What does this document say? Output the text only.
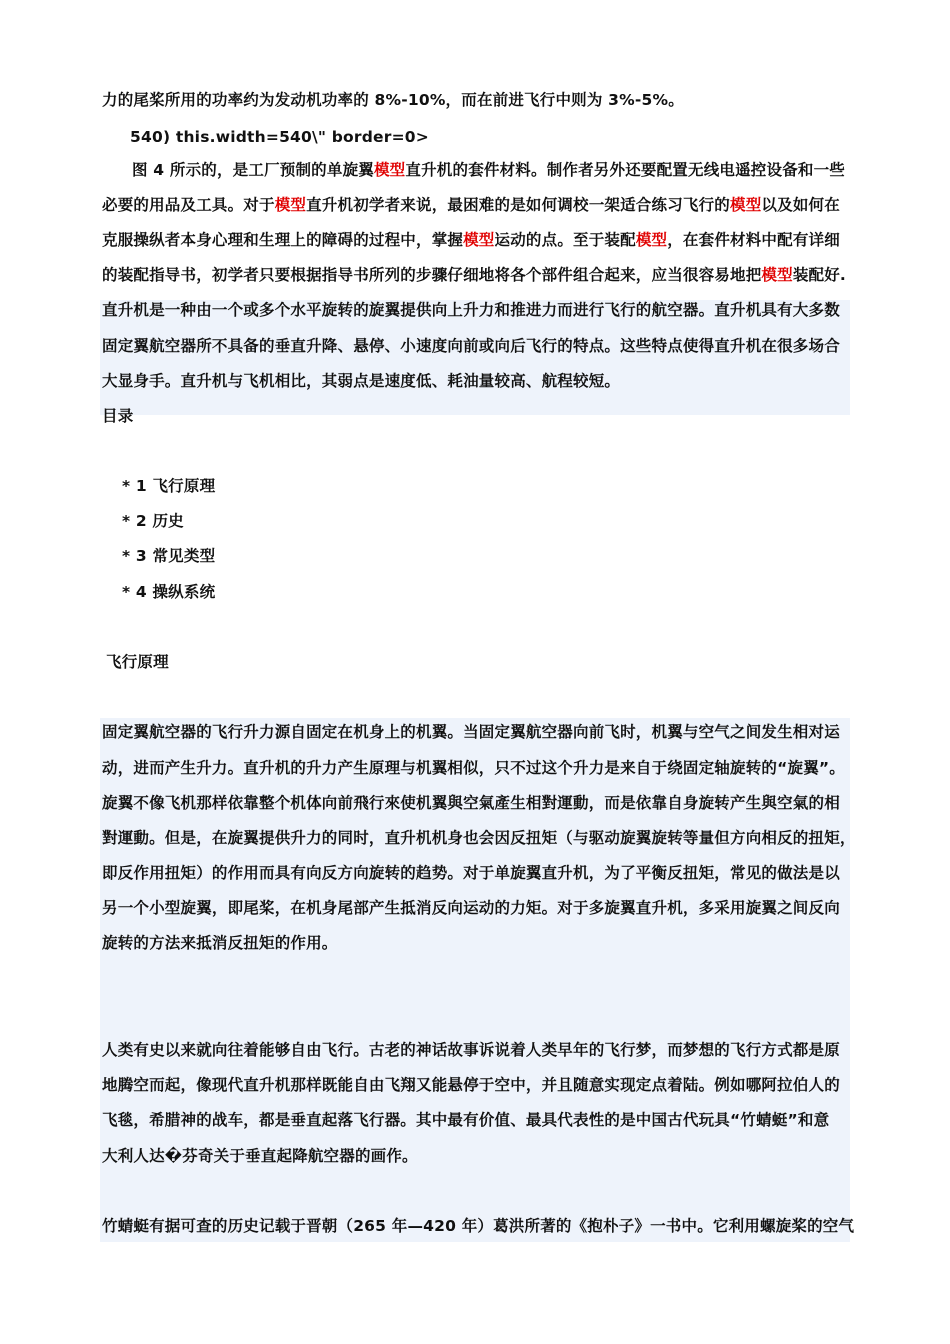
力的尾桨所用的功率约为发动机功率的 8%-10%，而在前进飞行中则为 3%-5%。
540) this.width=540\" border=0>
图 4 所示的，是工厂预制的单旋翼模型直升机的套件材料。制作者另外还要配置无线电遥控设备和一些
必要的用品及工具。对于模型直升机初学者来说，最困难的是如何调校一架适合练习飞行的模型以及如何在
克服操纵者本身心理和生理上的障碍的过程中，掌握模型运动的点。至于装配模型，在套件材料中配有详细
的装配指导书，初学者只要根据指导书所列的步骤仔细地将各个部件组合起来，应当很容易地把模型装配好.
直升机是一种由一个或多个水平旋转的旋翼提供向上升力和推进力而进行飞行的航空器。直升机具有大多数
固定翼航空器所不具备的垂直升降、悬停、小速度向前或向后飞行的特点。这些特点使得直升机在很多场合
大显身手。直升机与飞机相比，其弱点是速度低、耗油量较高、航程较短。
目录
* 1 飞行原理
* 2 历史
* 3 常见类型
* 4 操纵系统
飞行原理
固定翼航空器的飞行升力源自固定在机身上的机翼。当固定翼航空器向前飞时，机翼与空气之间发生相对运
动，进而产生升力。直升机的升力产生原理与机翼相似，只不过这个升力是来自于绕固定轴旋转的“旋翼”。
旋翼不像飞机那样依靠整个机体向前飛行來使机翼與空氣產生相對運動，而是依靠自身旋转产生與空氣的相
對運動。但是，在旋翼提供升力的同时，直升机机身也会因反扭矩（与驱动旋翼旋转等量但方向相反的扭矩，
即反作用扭矩）的作用而具有向反方向旋转的趋势。对于单旋翼直升机，为了平衡反扭矩，常见的做法是以
另一个小型旋翼，即尾桨，在机身尾部产生抵消反向运动的力矩。对于多旋翼直升机，多采用旋翼之间反向
旋转的方法来抵消反扭矩的作用。
人类有史以来就向往着能够自由飞行。古老的神话故事诉说着人类早年的飞行梦，而梦想的飞行方式都是原
地腾空而起，像现代直升机那样既能自由飞翔又能悬停于空中，并且随意实现定点着陆。例如哪阿拉伯人的
飞毯，希腊神的战车，都是垂直起落飞行器。其中最有价值、最具代表性的是中国古代玩具“竹蜻蜓”和意
大利人达�芬奇关于垂直起降航空器的画作。
竹蜻蜓有据可查的历史记载于晋朝（265 年—420 年）葛洪所著的《抱朴子》一书中。它利用螺旋桨的空气
